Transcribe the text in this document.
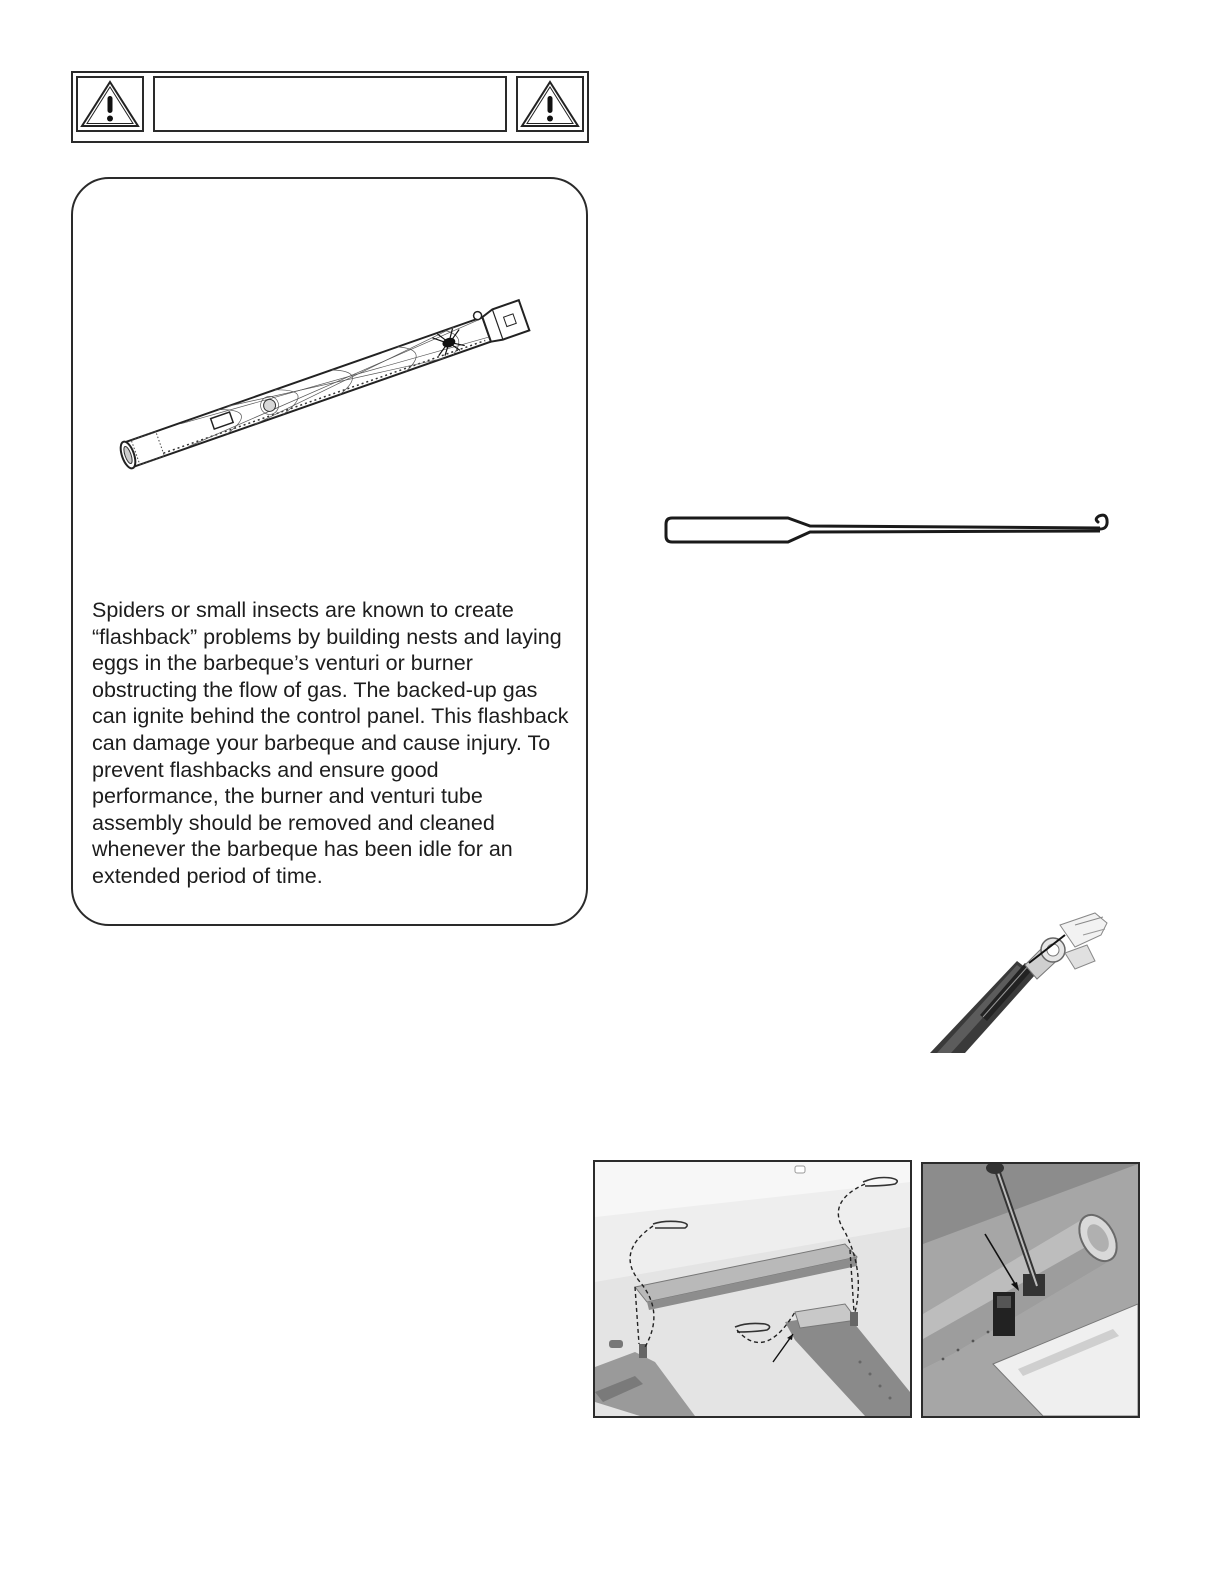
Spiders or small insects are known to create “flashback” problems by building nests and laying eggs in the barbeque’s venturi or burner obstructing the flow of gas. The backed-up gas can ignite behind the control panel. This flashback can damage your barbeque and cause injury. To prevent flashbacks and ensure good performance, the burner and venturi tube assembly should be removed and cleaned whenever the barbeque has been idle for an extended period of time.
